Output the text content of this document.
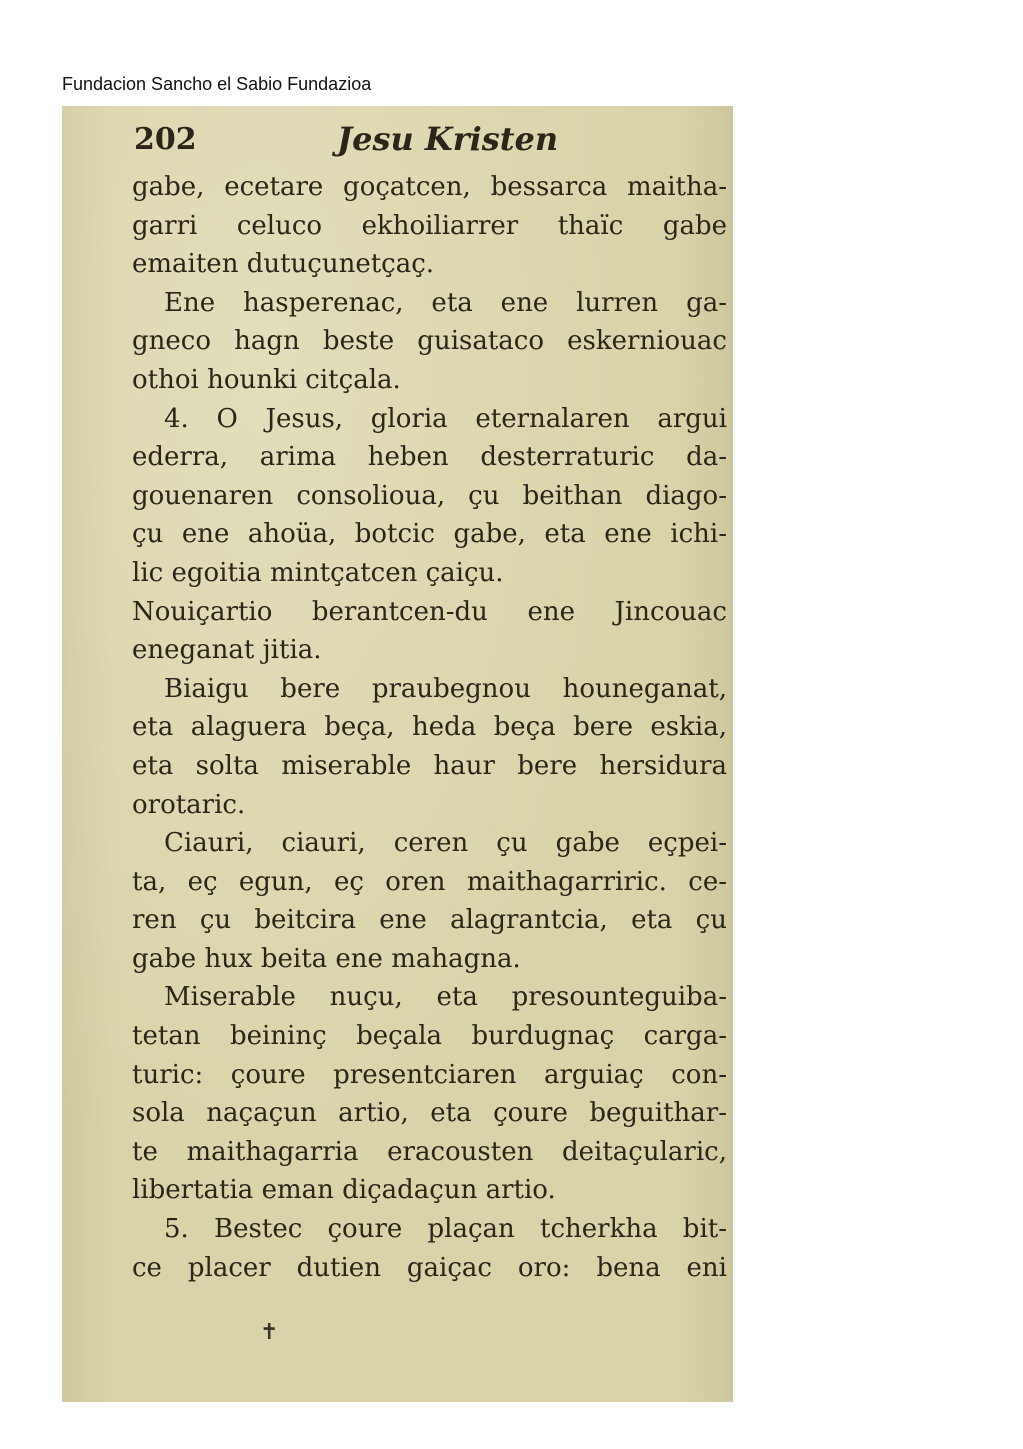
Fundacion Sancho el Sabio Fundazioa
202	Jesu Kristen
gabe, ecetare goçatcen, bessarca maitha-
garri celuco ekhoiliarrer thaïc gabe
emaiten dutuçunetçaç.
Ene hasperenac, eta ene lurren ga-
gneco hagn beste guisataco eskerniouac
othoi hounki citçala.
4. O Jesus, gloria eternalaren argui
ederra, arima heben desterraturic da-
gouenaren consolioua, çu beithan diago-
çu ene ahoüa, botcic gabe, eta ene ichi-
lic egoitia mintçatcen çaiçu.
Nouiçartio berantcen-du ene Jincouac
eneganat jitia.
Biaigu bere praubegnou houneganat,
eta alaguera beça, heda beça bere eskia,
eta solta miserable haur bere hersidura
orotaric.
Ciauri, ciauri, ceren çu gabe eçpei-
ta, eç egun, eç oren maithagarriric. ce-
ren çu beitcira ene alagrantcia, eta çu
gabe hux beita ene mahagna.
Miserable nuçu, eta presounteguiba-
tetan beininç beçala burdugnaç carga-
turic: çoure presentciaren arguiaç con-
sola naçaçun artio, eta çoure beguithar-
te maithagarria eracousten deitaçularic,
libertatia eman diçadaçun artio.
5. Bestec çoure plaçan tcherkha bit-
ce placer dutien gaiçac oro: bena eni
✝
